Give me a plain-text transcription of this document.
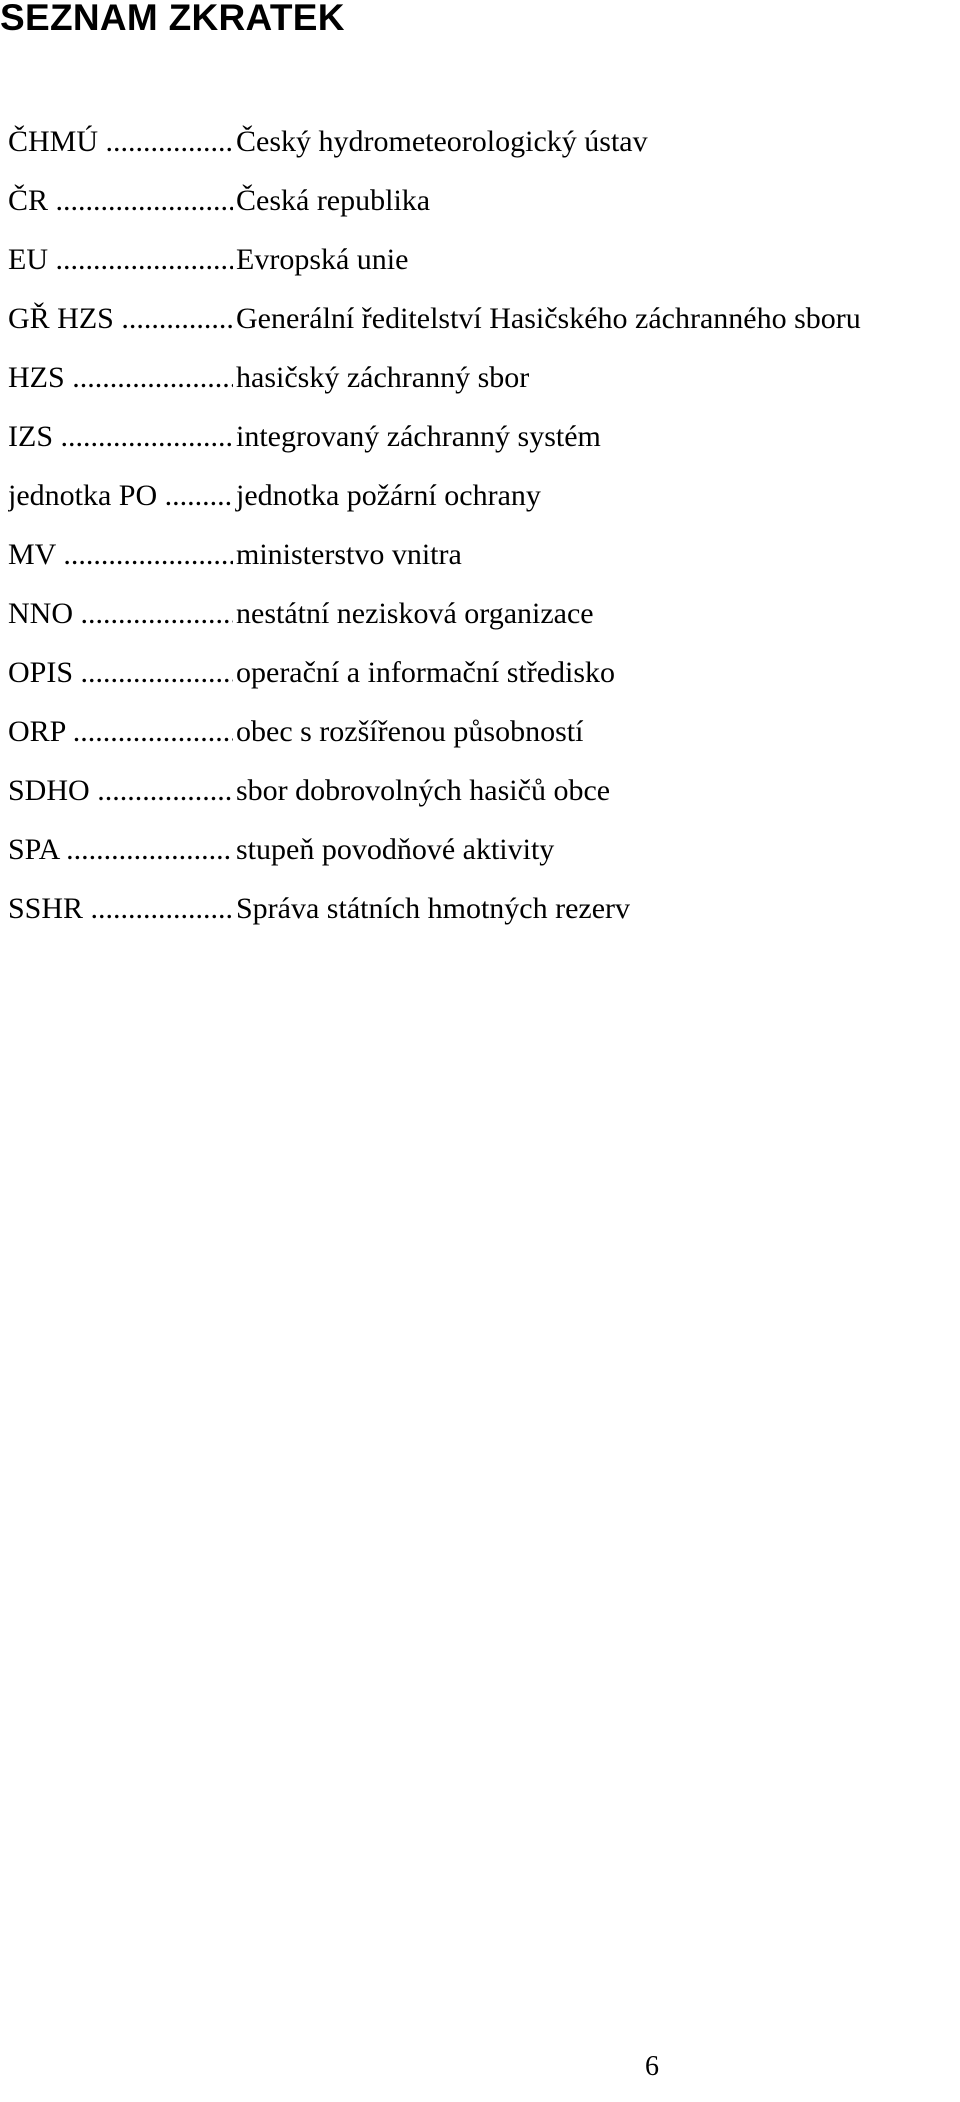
SEZNAM ZKRATEK
ČHMÚ .....	Český hydrometeorologický ústav
ČR .....	Česká republika
EU .....	Evropská unie
GŘ HZS .....	Generální ředitelství Hasičského záchranného sboru
HZS .....	hasičský záchranný sbor
IZS .....	integrovaný záchranný systém
jednotka PO .....	jednotka požární ochrany
MV .....	ministerstvo vnitra
NNO .....	nestátní nezisková organizace
OPIS .....	operační a informační středisko
ORP .....	obec s rozšířenou působností
SDHO .....	sbor dobrovolných hasičů obce
SPA .....	stupeň povodňové aktivity
SSHR .....	Správa státních hmotných rezerv
6
